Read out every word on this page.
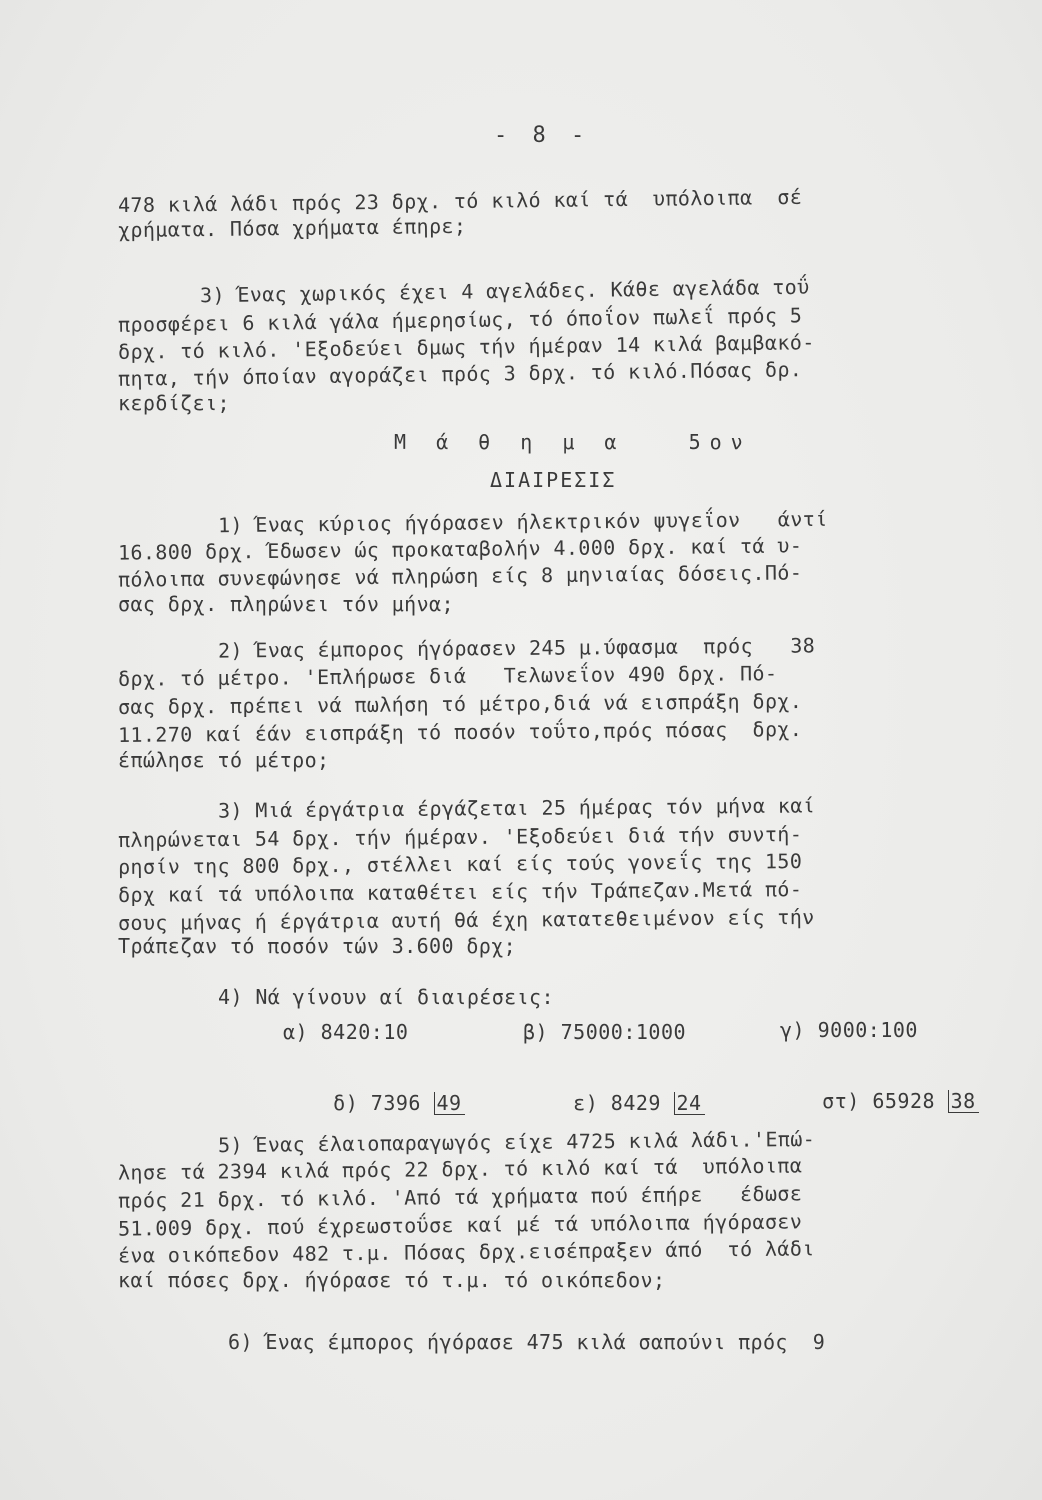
- 8 -
478 κιλά λάδι πρός 23 δρχ. τό κιλό καί τά  υπόλοιπα  σέ
χρήματα. Πόσα χρήματα έπηρε;
3) Ένας χωρικός έχει 4 αγελάδες. Κάθε αγελάδα τοΰ
προσφέρει 6 κιλά γάλα ήμερησίως, τό όποΐον πωλεΐ πρός 5
δρχ. τό κιλό. 'Εξοδεύει δμως τήν ήμέραν 14 κιλά βαμβακό-
πητα, τήν όποίαν αγοράζει πρός 3 δρχ. τό κιλό.Πόσας δρ.
κερδίζει;
Μ ά θ η μ α   5ον
ΔΙΑΙΡΕΣΙΣ
1) Ένας κύριος ήγόρασεν ήλεκτρικόν ψυγεΐον   άντί
16.800 δρχ. Έδωσεν ώς προκαταβολήν 4.000 δρχ. καί τά υ-
πόλοιπα συνεφώνησε νά πληρώση είς 8 μηνιαίας δόσεις.Πό-
σας δρχ. πληρώνει τόν μήνα;
2) Ένας έμπορος ήγόρασεν 245 μ.ύφασμα  πρός   38
δρχ. τό μέτρο. 'Επλήρωσε διά   Τελωνεΐον 490 δρχ. Πό-
σας δρχ. πρέπει νά πωλήση τό μέτρο,διά νά εισπράξη δρχ.
11.270 καί έάν εισπράξη τό ποσόν τοΰτο,πρός πόσας  δρχ.
έπώλησε τό μέτρο;
3) Μιά έργάτρια έργάζεται 25 ήμέρας τόν μήνα καί
πληρώνεται 54 δρχ. τήν ήμέραν. 'Εξοδεύει διά τήν συντή-
ρησίν της 800 δρχ., στέλλει καί είς τούς γονεΐς της 150
δρχ καί τά υπόλοιπα καταθέτει είς τήν Τράπεζαν.Μετά πό-
σους μήνας ή έργάτρια αυτή θά έχη κατατεθειμένον είς τήν
Τράπεζαν τό ποσόν τών 3.600 δρχ;
4) Νά γίνουν αί διαιρέσεις:
α) 8420:10	β) 75000:1000	γ) 9000:100

δ) 7396 49
	ε) 8429 24
	στ) 65928 38

5) Ένας έλαιοπαραγωγός είχε 4725 κιλά λάδι.'Επώ-
λησε τά 2394 κιλά πρός 22 δρχ. τό κιλό καί τά  υπόλοιπα
πρός 21 δρχ. τό κιλό. 'Από τά χρήματα πού έπήρε   έδωσε
51.009 δρχ. πού έχρεωστοΰσε καί μέ τά υπόλοιπα ήγόρασεν
ένα οικόπεδον 482 τ.μ. Πόσας δρχ.εισέπραξεν άπό  τό λάδι
καί πόσες δρχ. ήγόρασε τό τ.μ. τό οικόπεδον;
6) Ένας έμπορος ήγόρασε 475 κιλά σαπούνι πρός  9
